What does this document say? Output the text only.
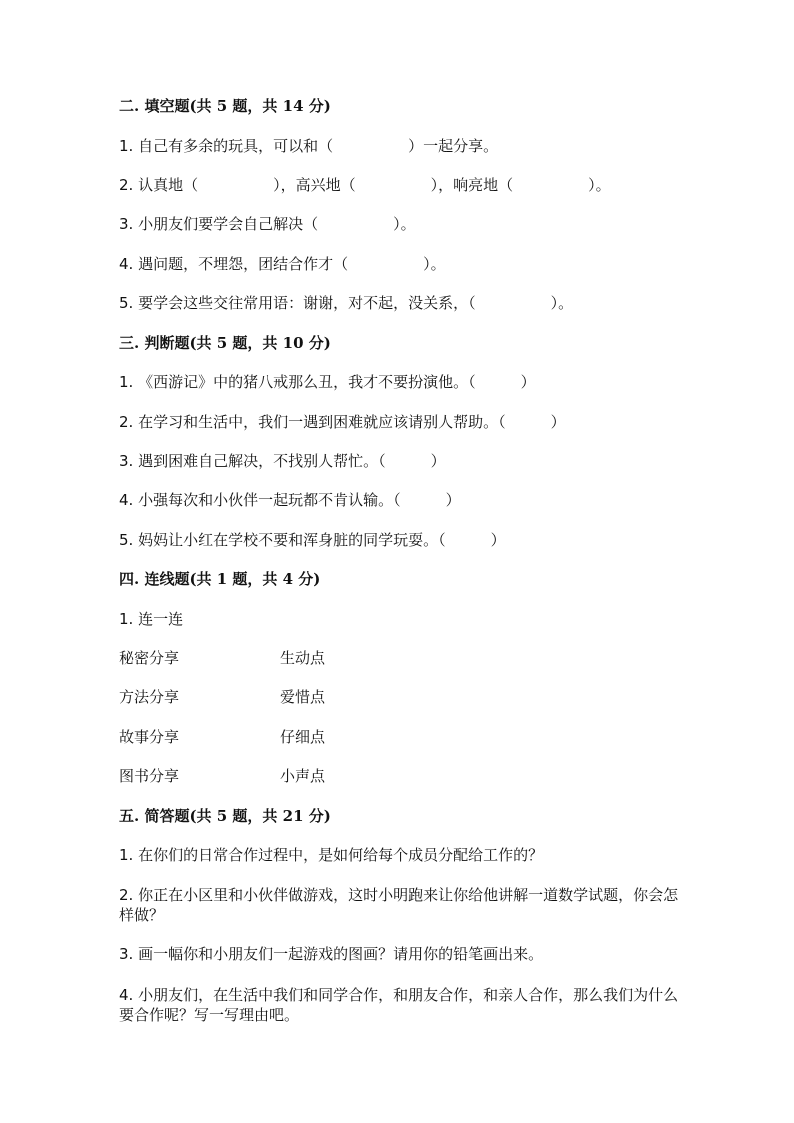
二. 填空题(共 5 题，共 14 分)
1. 自己有多余的玩具，可以和（　　　　　）一起分享。
2. 认真地（　　　　　），高兴地（　　　　　），响亮地（　　　　　）。
3. 小朋友们要学会自己解决（　　　　　）。
4. 遇问题，不埋怨，团结合作才（　　　　　）。
5. 要学会这些交往常用语：谢谢，对不起，没关系，（　　　　　）。
三. 判断题(共 5 题，共 10 分)
1. 《西游记》中的猪八戒那么丑，我才不要扮演他。（　　　）
2. 在学习和生活中，我们一遇到困难就应该请别人帮助。（　　　）
3. 遇到困难自己解决，不找别人帮忙。（　　　）
4. 小强每次和小伙伴一起玩都不肯认输。（　　　）
5. 妈妈让小红在学校不要和浑身脏的同学玩耍。（　　　）
四. 连线题(共 1 题，共 4 分)
1. 连一连
秘密分享	生动点
方法分享	爱惜点
故事分享	仔细点
图书分享	小声点
五. 简答题(共 5 题，共 21 分)
1. 在你们的日常合作过程中，是如何给每个成员分配给工作的？
2. 你正在小区里和小伙伴做游戏，这时小明跑来让你给他讲解一道数学试题，你会怎样做？
3. 画一幅你和小朋友们一起游戏的图画？请用你的铅笔画出来。
4. 小朋友们，在生活中我们和同学合作，和朋友合作，和亲人合作，那么我们为什么要合作呢？写一写理由吧。
